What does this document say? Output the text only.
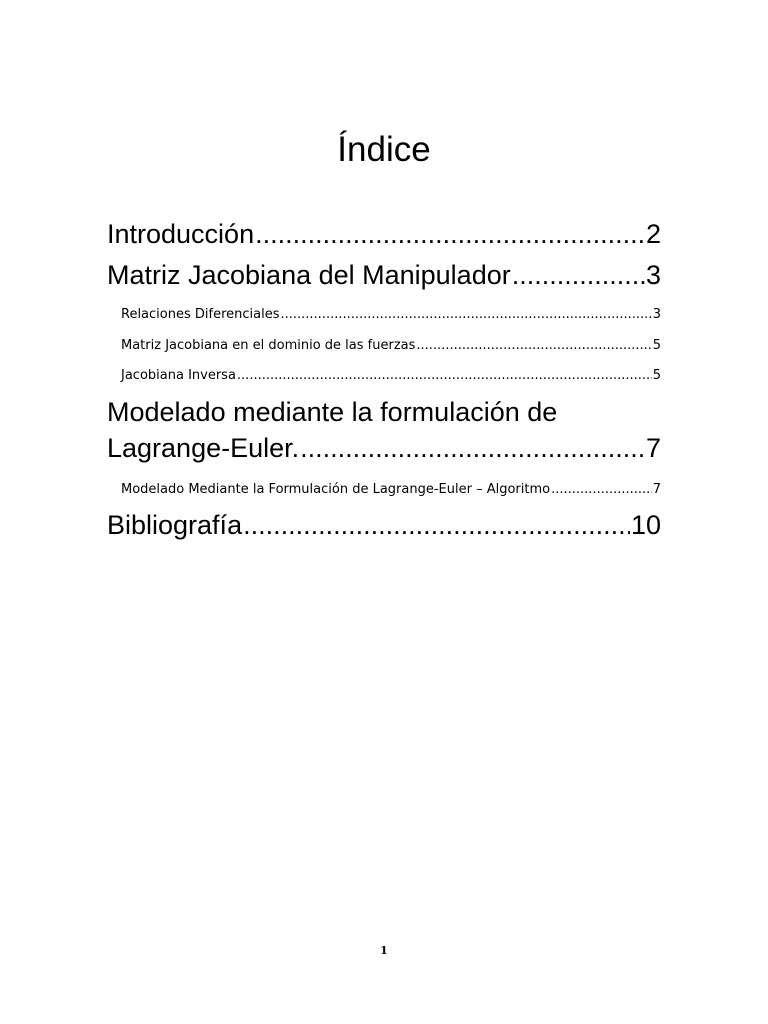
Índice
Introducción .....	2
Matriz Jacobiana del Manipulador .....	3
Relaciones Diferenciales .....	3
Matriz Jacobiana en el dominio de las fuerzas .....	5
Jacobiana Inversa .....	5
Modelado mediante la formulación de
Lagrange-Euler. .....	7
Modelado Mediante la Formulación de Lagrange-Euler – Algoritmo .....	7
Bibliografía .....	10
1
